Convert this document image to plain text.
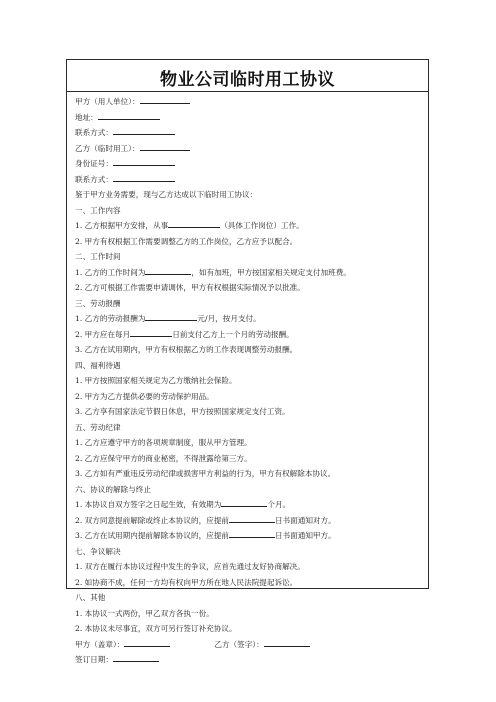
物业公司临时用工协议
甲方（用人单位）：
地址：
联系方式：
乙方（临时用工）：
身份证号：
联系方式：
鉴于甲方业务需要，现与乙方达成以下临时用工协议：
一、工作内容
1. 乙方根据甲方安排，从事	（具体工作岗位）工作。
2. 甲方有权根据工作需要调整乙方的工作岗位，乙方应予以配合。
二、工作时间
1. 乙方的工作时间为	，如有加班，甲方按国家相关规定支付加班费。
2. 乙方可根据工作需要申请调休，甲方有权根据实际情况予以批准。
三、劳动报酬
1. 乙方的劳动报酬为	元/月，按月支付。
2. 甲方应在每月	日前支付乙方上一个月的劳动报酬。
3. 乙方在试用期内，甲方有权根据乙方的工作表现调整劳动报酬。
四、福利待遇
1. 甲方按照国家相关规定为乙方缴纳社会保险。
2. 甲方为乙方提供必要的劳动保护用品。
3. 乙方享有国家法定节假日休息，甲方按照国家规定支付工资。
五、劳动纪律
1. 乙方应遵守甲方的各项规章制度，服从甲方管理。
2. 乙方应保守甲方的商业秘密，不得泄露给第三方。
3. 乙方如有严重违反劳动纪律或损害甲方利益的行为，甲方有权解除本协议。
六、协议的解除与终止
1. 本协议自双方签字之日起生效，有效期为	个月。
2. 双方同意提前解除或终止本协议的，应提前	日书面通知对方。
3. 乙方在试用期内提前解除本协议的，应提前	日书面通知甲方。
七、争议解决
1. 双方在履行本协议过程中发生的争议，应首先通过友好协商解决。
2. 如协商不成，任何一方均有权向甲方所在地人民法院提起诉讼。
八、其他
1. 本协议一式两份，甲乙双方各执一份。
2. 本协议未尽事宜，双方可另行签订补充协议。
甲方（盖章）：	乙方（签字）：
签订日期：
